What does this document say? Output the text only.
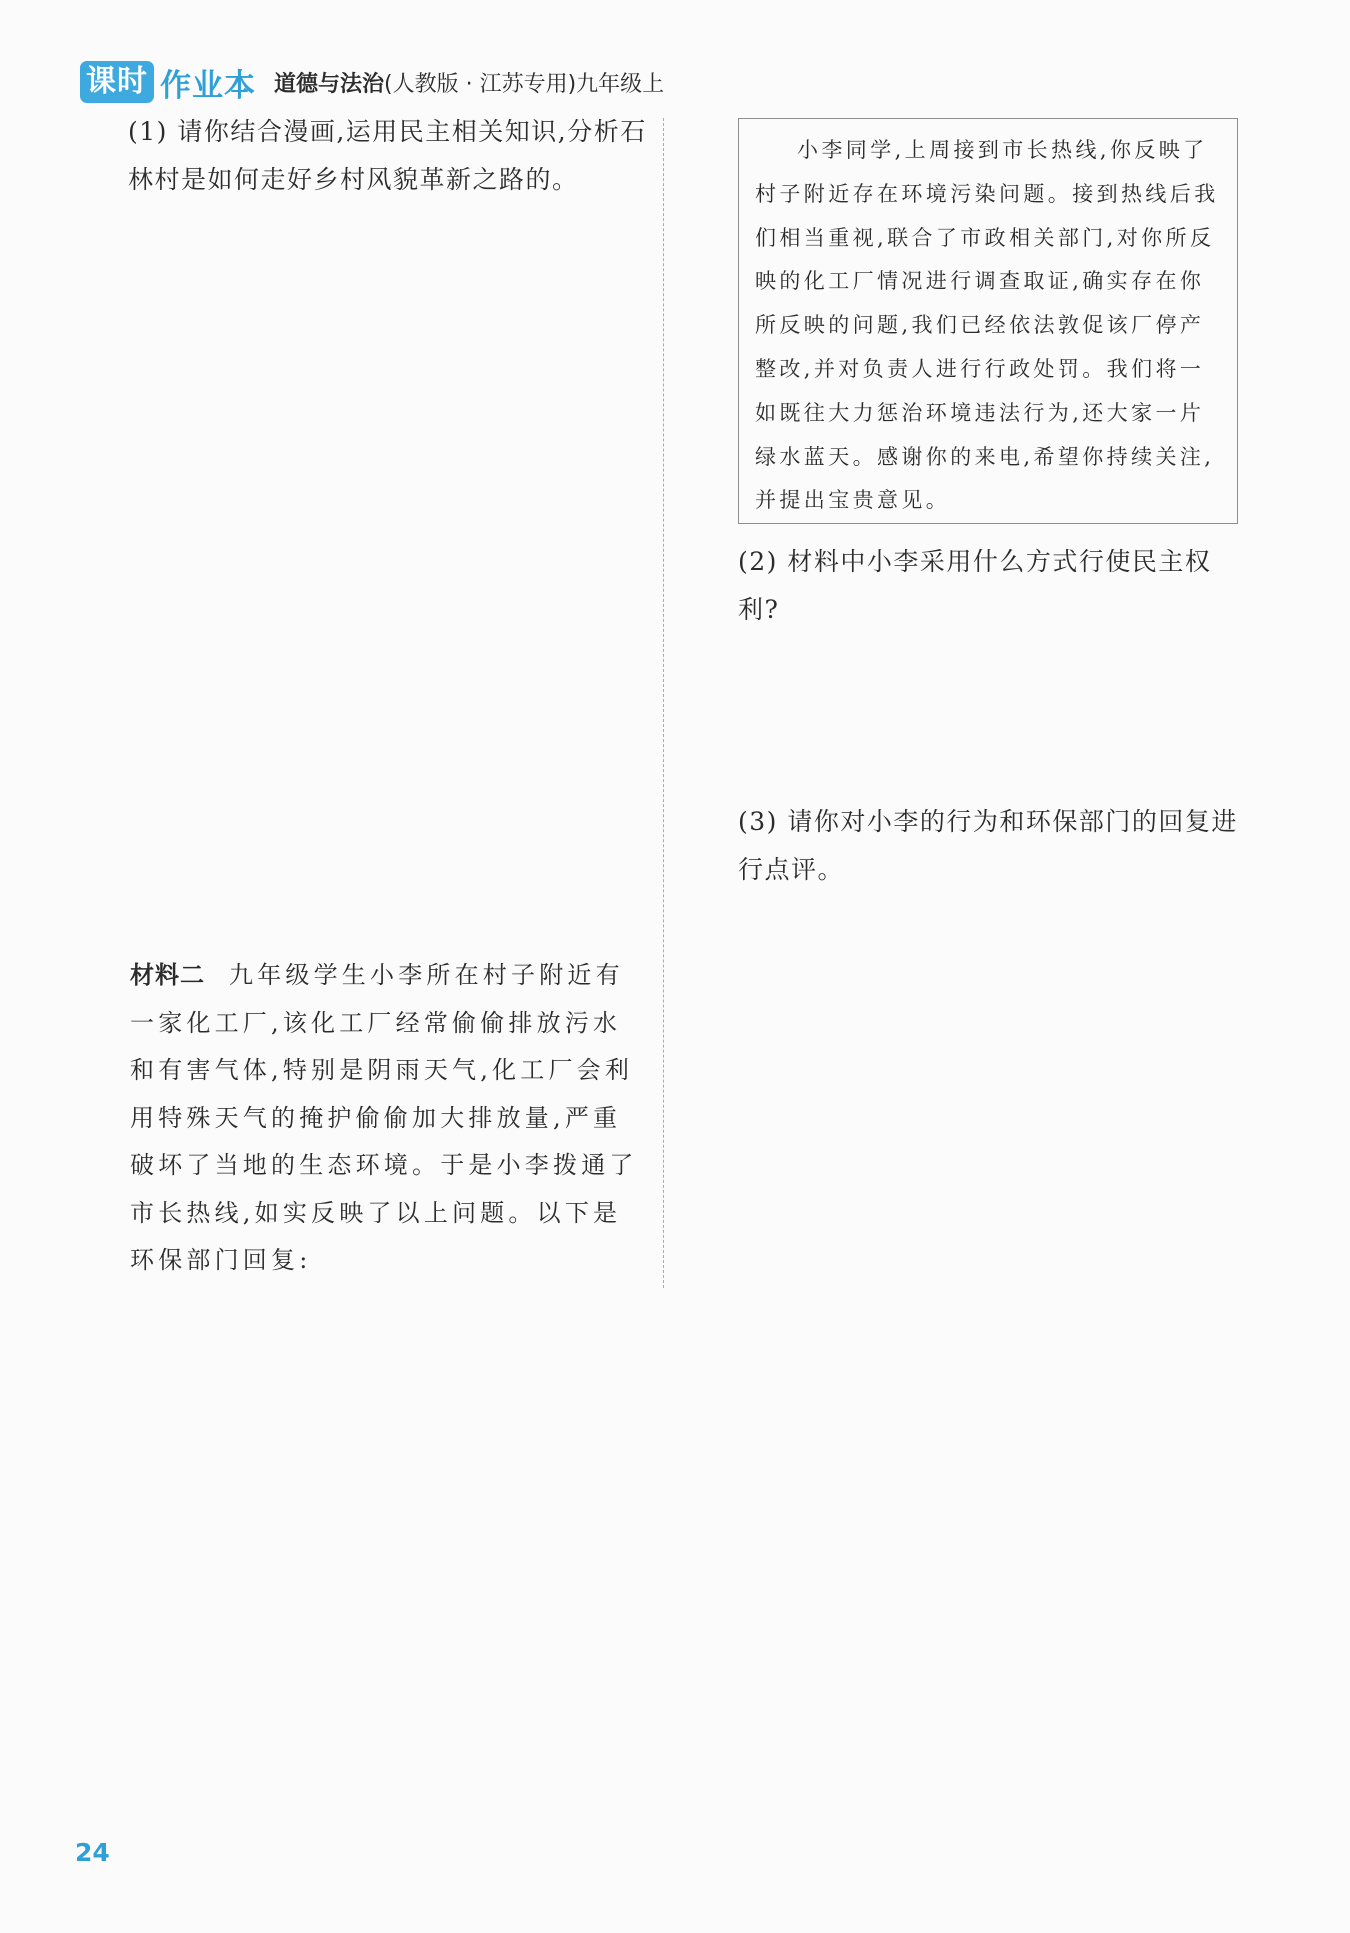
课时 作业本 道德与法治 (人教版 · 江苏专用) 九年级上

(1) 请你结合漫画,运用民主相关知识,分析石林村是如何走好乡村风貌革新之路的。

材料二 九年级学生小李所在村子附近有一家化工厂,该化工厂经常偷偷排放污水和有害气体,特别是阴雨天气,化工厂会利用特殊天气的掩护偷偷加大排放量,严重破坏了当地的生态环境。于是小李拨通了市长热线,如实反映了以上问题。以下是环保部门回复:

小李同学,上周接到市长热线,你反映了村子附近存在环境污染问题。接到热线后我们相当重视,联合了市政相关部门,对你所反映的化工厂情况进行调查取证,确实存在你所反映的问题,我们已经依法敦促该厂停产整改,并对负责人进行行政处罚。我们将一如既往大力惩治环境违法行为,还大家一片绿水蓝天。感谢你的来电,希望你持续关注,并提出宝贵意见。

(2) 材料中小李采用什么方式行使民主权利?

(3) 请你对小李的行为和环保部门的回复进行点评。

24
